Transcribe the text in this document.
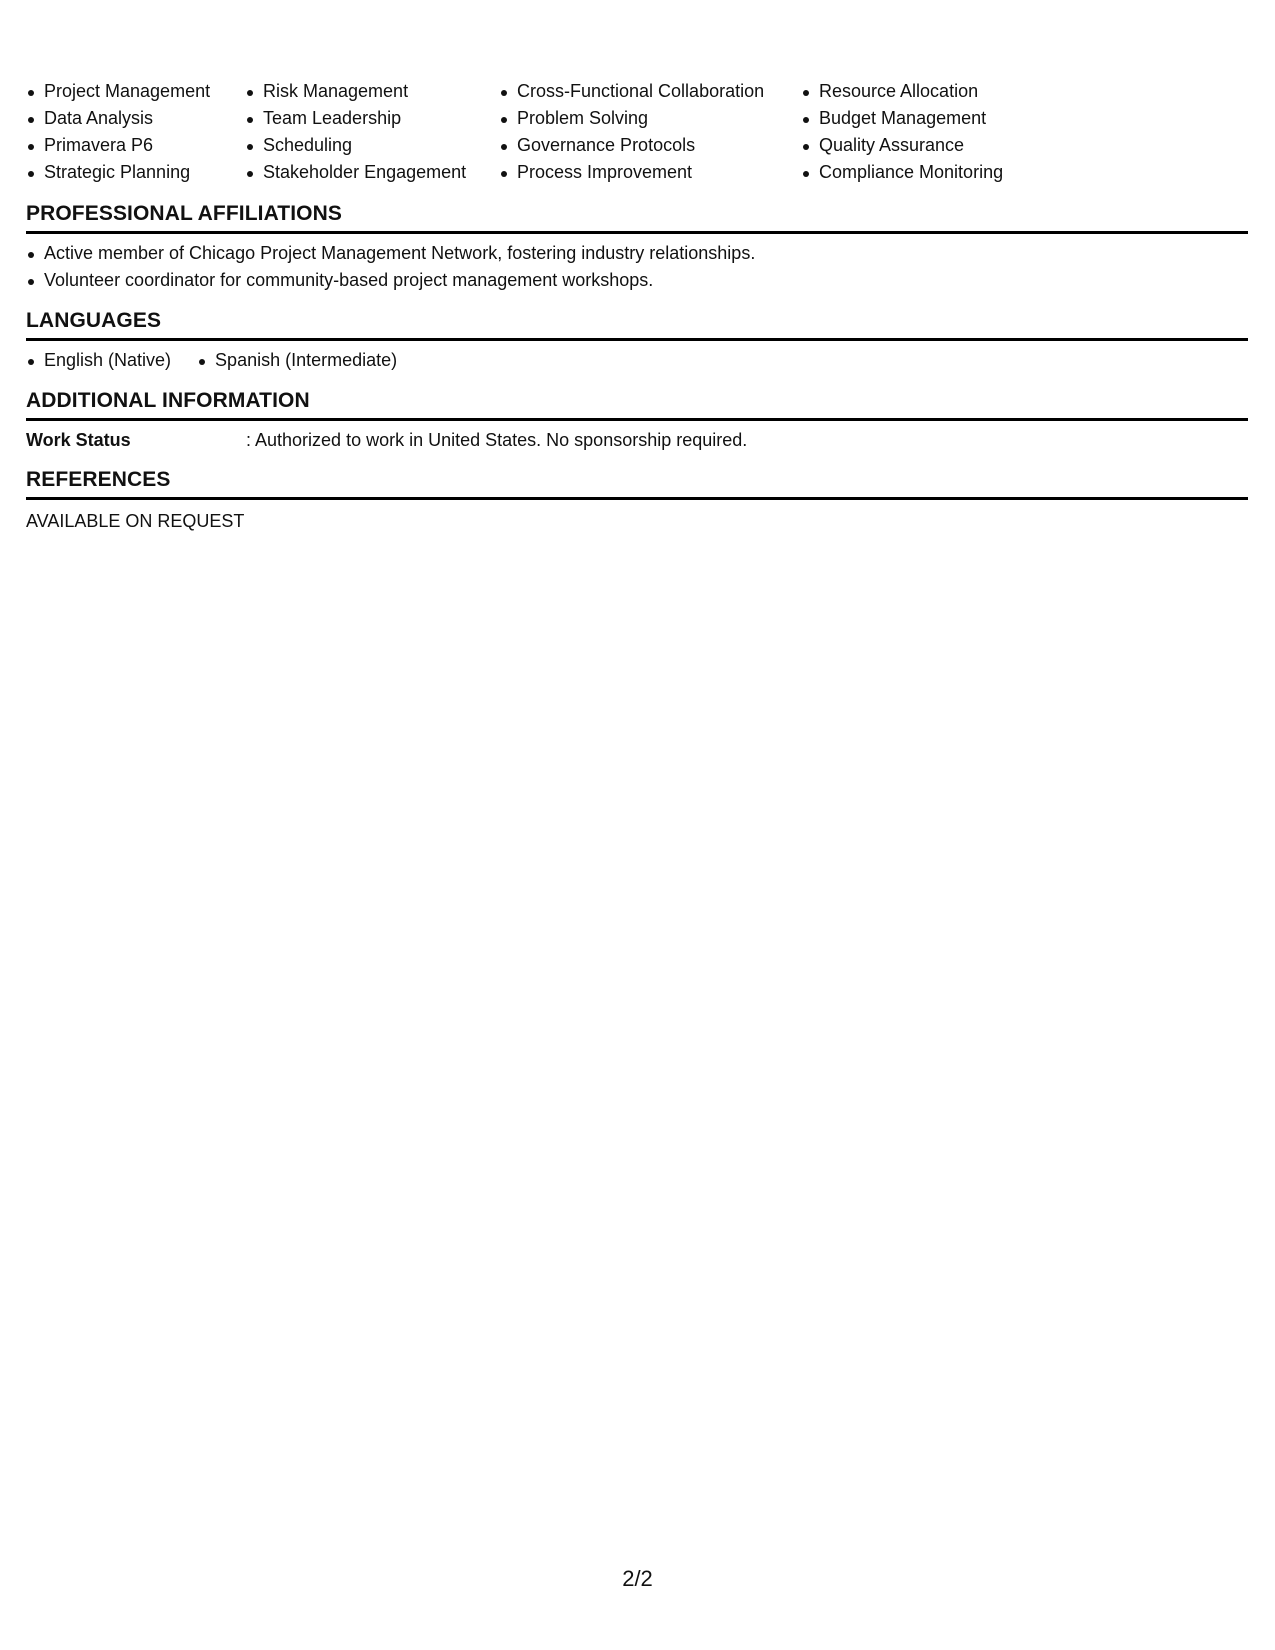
Project Management
Data Analysis
Primavera P6
Strategic Planning
Risk Management
Team Leadership
Scheduling
Stakeholder Engagement
Cross-Functional Collaboration
Problem Solving
Governance Protocols
Process Improvement
Resource Allocation
Budget Management
Quality Assurance
Compliance Monitoring
PROFESSIONAL AFFILIATIONS
Active member of Chicago Project Management Network, fostering industry relationships.
Volunteer coordinator for community-based project management workshops.
LANGUAGES
English (Native)	Spanish (Intermediate)
ADDITIONAL INFORMATION
Work Status	: Authorized to work in United States. No sponsorship required.
REFERENCES
AVAILABLE ON REQUEST
2/2
